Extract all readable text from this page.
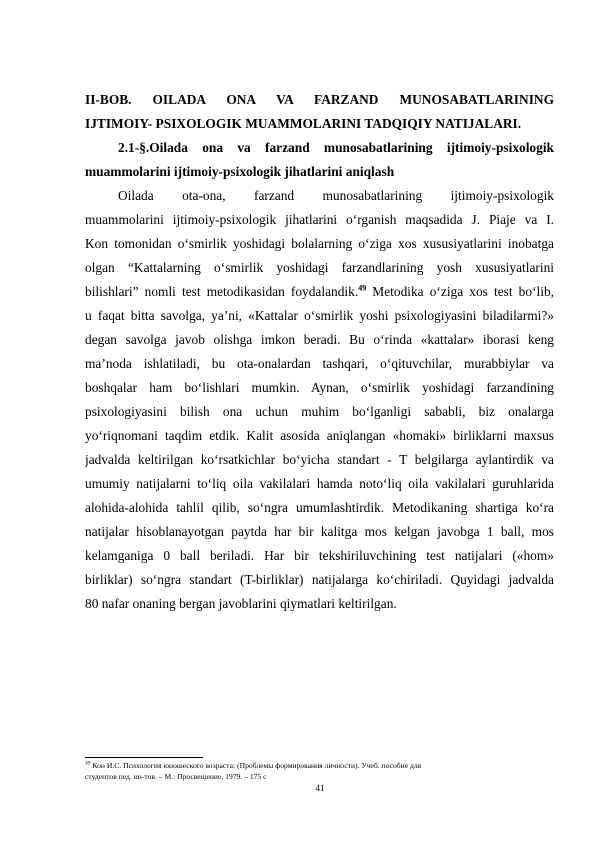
II-BOB. OILADA ONA VA FARZAND MUNOSABATLARINING
IJTIMOIY- PSIXOLOGIK MUAMMOLARINI TADQIQIY NATIJALARI.
2.1-§.Oilada ona va farzand munosabatlarining ijtimoiy-psixologik
muammolarini ijtimoiy-psixologik jihatlarini aniqlash
Oilada ota-ona, farzand munosabatlarining ijtimoiy-psixologik
muammolarini ijtimoiy-psixologik jihatlarini o‘rganish maqsadida J. Piaje va I.
Kon tomonidan o‘smirlik yoshidagi bolalarning o‘ziga xos xususiyatlarini inobatga
olgan “Kattalarning o‘smirlik yoshidagi farzandlarining yosh xususiyatlarini
bilishlari” nomli test metodikasidan foydalandik.$^{49}$ Metodika o‘ziga xos test bo‘lib,
u faqat bitta savolga, ya’ni, «Kattalar o‘smirlik yoshi psixologiyasini biladilarmi?»
degan savolga javob olishga imkon beradi. Bu o‘rinda «kattalar» iborasi keng
ma’noda ishlatiladi, bu ota-onalardan tashqari, o‘qituvchilar, murabbiylar va
boshqalar ham bo‘lishlari mumkin. Aynan, o‘smirlik yoshidagi farzandining
psixologiyasini bilish ona uchun muhim bo‘lganligi sababli, biz onalarga
yo‘riqnomani taqdim etdik. Kalit asosida aniqlangan «homaki» birliklarni maxsus
jadvalda keltirilgan ko‘rsatkichlar bo‘yicha standart - T belgilarga aylantirdik va
umumiy natijalarni to‘liq oila vakilalari hamda noto‘liq oila vakilalari guruhlarida
alohida-alohida tahlil qilib, so‘ngra umumlashtirdik. Metodikaning shartiga ko‘ra
natijalar hisoblanayotgan paytda har bir kalitga mos kelgan javobga 1 ball, mos
kelamganiga 0 ball beriladi. Har bir tekshiriluvchining test natijalari («hom»
birliklar) so‘ngra standart (T-birliklar) natijalarga ko‘chiriladi. Quyidagi jadvalda
80 nafar onaning bergan javoblarini qiymatlari keltirilgan.
$^{49}$ Кон И.С. Психология юношеского возраста: (Проблемы формирования личности). Учеб. пособие для
студентов пед. ин-тов. – М.: Просвещение, 1979. – 175 с
41
